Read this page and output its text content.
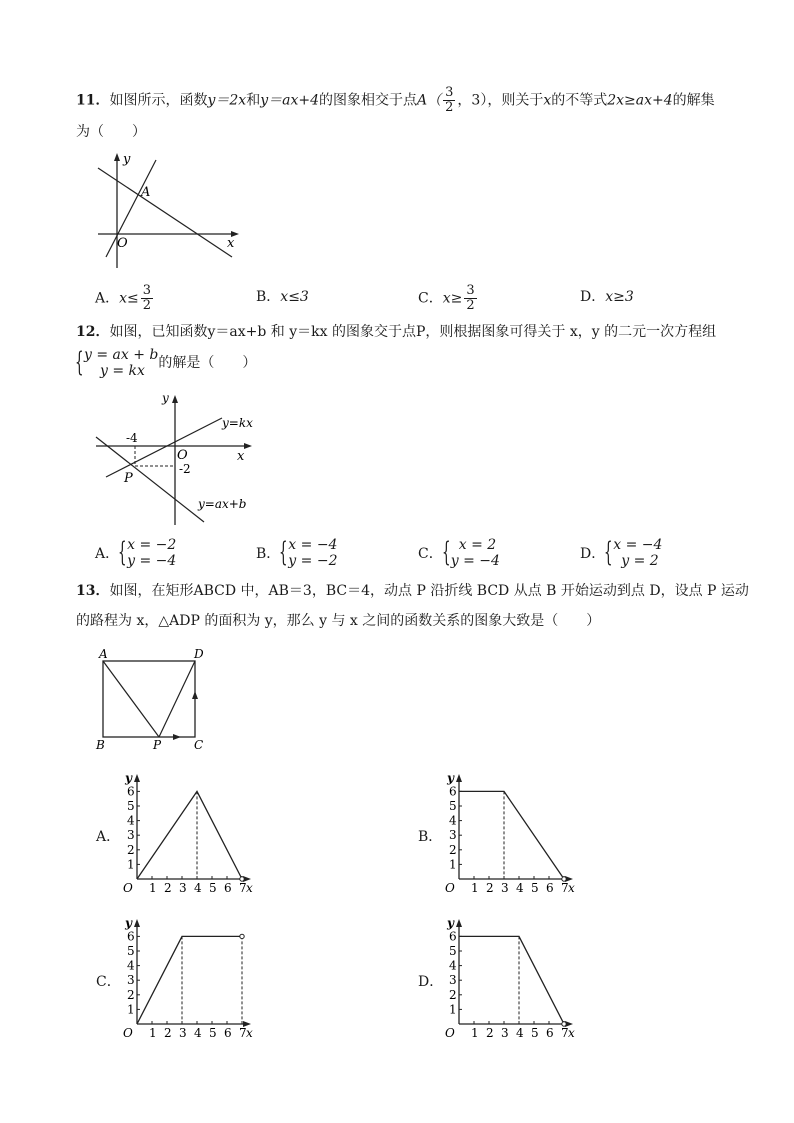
11．如图所示，函数y＝2x和y＝ax+4的图象相交于点$A( \frac{3}{2}$ ，3），则关于x的不等式2x≥ax+4的解集
为（　　）
y
x
A
O
A．$x\le \frac{3}{2}$	B．x≤3	C．$x\ge \frac{3}{2}$	D．x≥3
12．如图，已知函数y＝ax+b 和 y＝kx 的图象交于点P，则根据图象可得关于 x，y 的二元一次方程组
{ y = ax + b
y = kx 的解是（　　）
y
x
O
-4
-2
P
y=kx
y=ax+b
A． { x = −2
y = −4	B． { x = −4
y = −2	C． { x = 2
y = −4	D． { x = −4
y = 2
13．如图，在矩形ABCD 中，AB＝3，BC＝4，动点 P 沿折线 BCD 从点 B 开始运动到点 D，设点 P 运动
的路程为 x，△ADP 的面积为 y，那么 y 与 x 之间的函数关系的图象大致是（　　）
A	D
B	C
P
A．	B．
C．	D．
1
2
3
4
5
6
1 2 3 4 5 6 7
y
x
O
1
2
3
4
5
6
1 2 3 4 5 6 7
y
x
O
1
2
3
4
5
6
1 2 3 4 5 6 7
y
x
O
1
2
3
4
5
6
1 2 3 4 5 6 7
y
x
O
